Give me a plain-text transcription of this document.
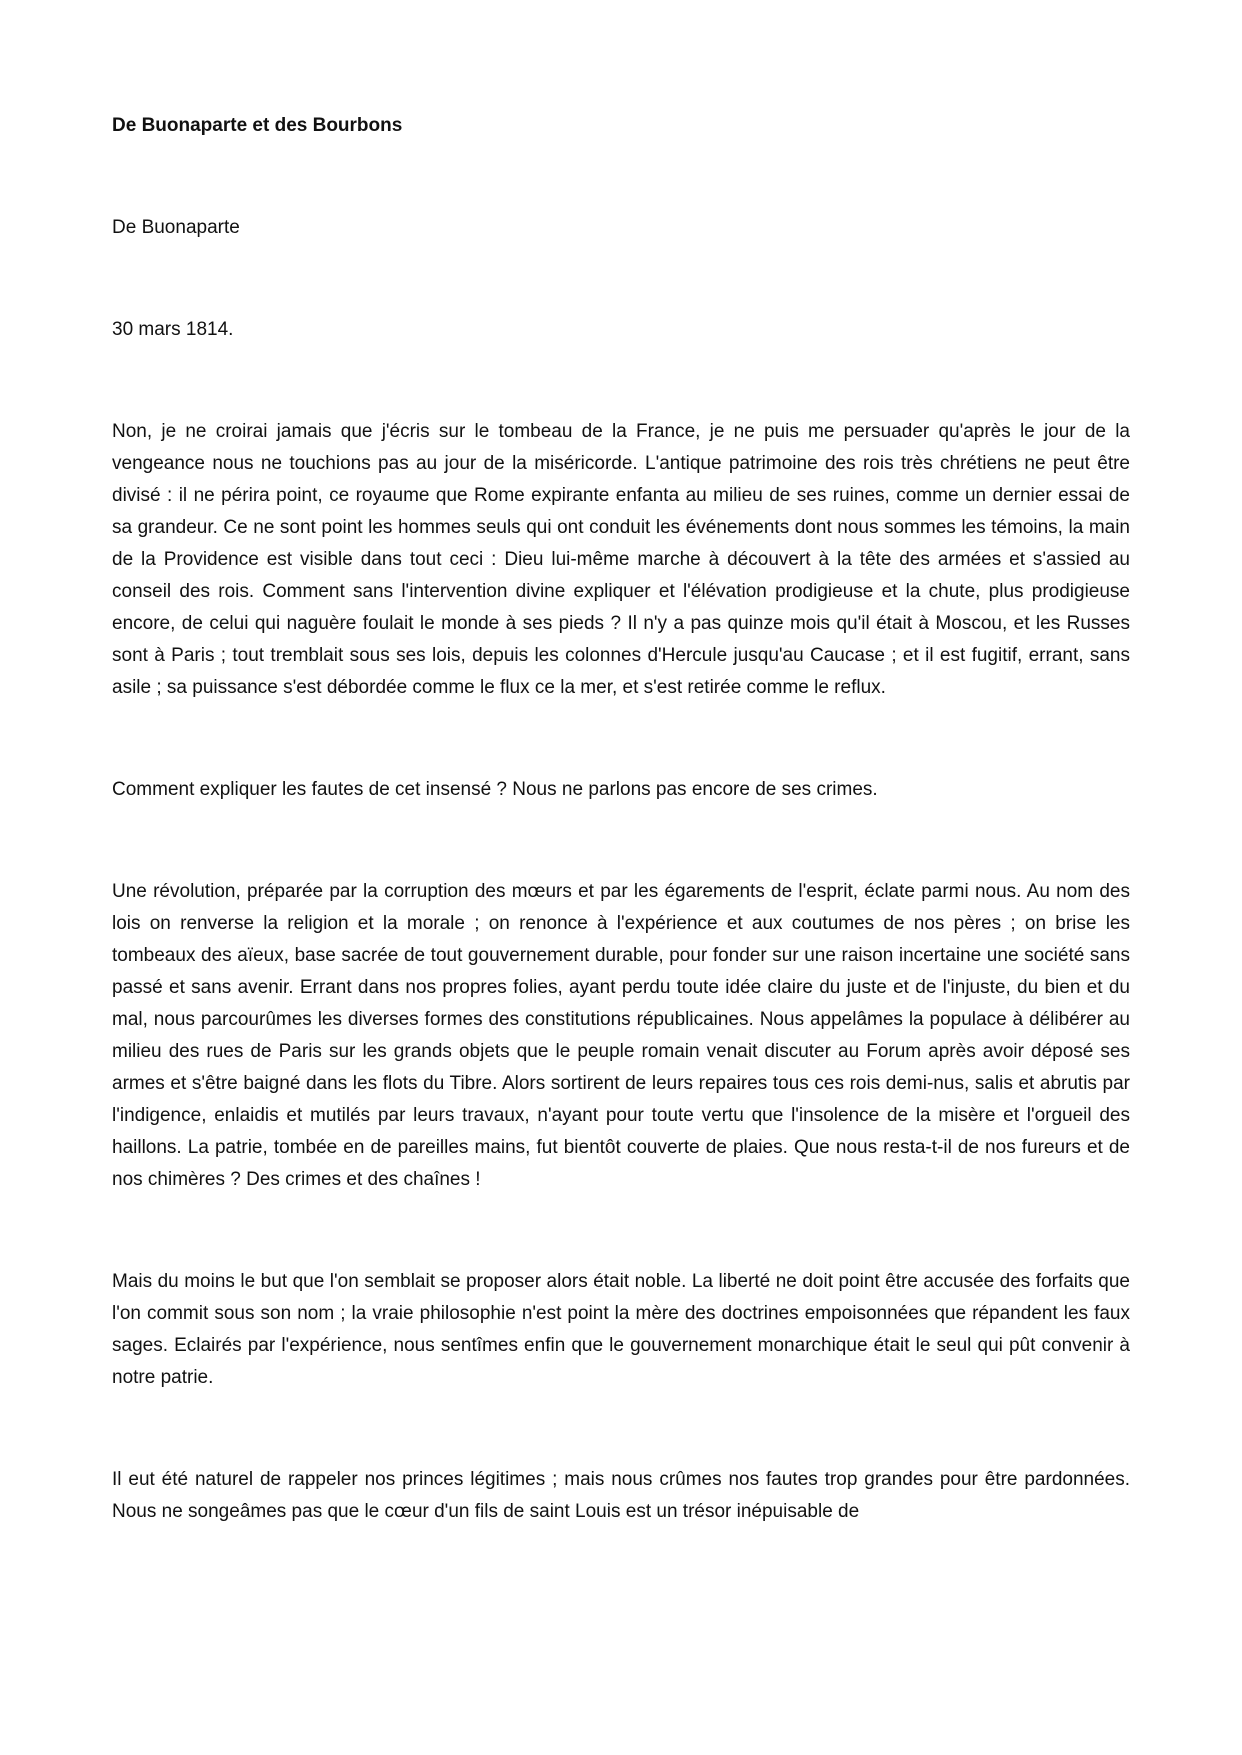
De Buonaparte et des Bourbons

De Buonaparte

30 mars 1814.

Non, je ne croirai jamais que j'écris sur le tombeau de la France, je ne puis me persuader qu'après le jour de la vengeance nous ne touchions pas au jour de la miséricorde. L'antique patrimoine des rois très chrétiens ne peut être divisé : il ne périra point, ce royaume que Rome expirante enfanta au milieu de ses ruines, comme un dernier essai de sa grandeur. Ce ne sont point les hommes seuls qui ont conduit les événements dont nous sommes les témoins, la main de la Providence est visible dans tout ceci : Dieu lui-même marche à découvert à la tête des armées et s'assied au conseil des rois. Comment sans l'intervention divine expliquer et l'élévation prodigieuse et la chute, plus prodigieuse encore, de celui qui naguère foulait le monde à ses pieds ? Il n'y a pas quinze mois qu'il était à Moscou, et les Russes sont à Paris ; tout tremblait sous ses lois, depuis les colonnes d'Hercule jusqu'au Caucase ; et il est fugitif, errant, sans asile ; sa puissance s'est débordée comme le flux ce la mer, et s'est retirée comme le reflux.

Comment expliquer les fautes de cet insensé ? Nous ne parlons pas encore de ses crimes.

Une révolution, préparée par la corruption des mœurs et par les égarements de l'esprit, éclate parmi nous. Au nom des lois on renverse la religion et la morale ; on renonce à l'expérience et aux coutumes de nos pères ; on brise les tombeaux des aïeux, base sacrée de tout gouvernement durable, pour fonder sur une raison incertaine une société sans passé et sans avenir. Errant dans nos propres folies, ayant perdu toute idée claire du juste et de l'injuste, du bien et du mal, nous parcourûmes les diverses formes des constitutions républicaines. Nous appelâmes la populace à délibérer au milieu des rues de Paris sur les grands objets que le peuple romain venait discuter au Forum après avoir déposé ses armes et s'être baigné dans les flots du Tibre. Alors sortirent de leurs repaires tous ces rois demi-nus, salis et abrutis par l'indigence, enlaidis et mutilés par leurs travaux, n'ayant pour toute vertu que l'insolence de la misère et l'orgueil des haillons. La patrie, tombée en de pareilles mains, fut bientôt couverte de plaies. Que nous resta-t-il de nos fureurs et de nos chimères ? Des crimes et des chaînes !

Mais du moins le but que l'on semblait se proposer alors était noble. La liberté ne doit point être accusée des forfaits que l'on commit sous son nom ; la vraie philosophie n'est point la mère des doctrines empoisonnées que répandent les faux sages. Eclairés par l'expérience, nous sentîmes enfin que le gouvernement monarchique était le seul qui pût convenir à notre patrie.

Il eut été naturel de rappeler nos princes légitimes ; mais nous crûmes nos fautes trop grandes pour être pardonnées. Nous ne songeâmes pas que le cœur d'un fils de saint Louis est un trésor inépuisable de
